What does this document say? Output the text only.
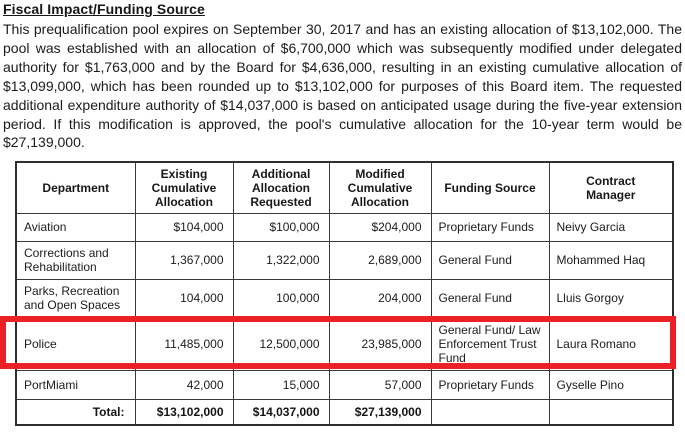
Fiscal Impact/Funding Source

This prequalification pool expires on September 30, 2017 and has an existing allocation of $13,102,000. The pool was established with an allocation of $6,700,000 which was subsequently modified under delegated authority for $1,763,000 and by the Board for $4,636,000, resulting in an existing cumulative allocation of $13,099,000, which has been rounded up to $13,102,000 for purposes of this Board item. The requested additional expenditure authority of $14,037,000 is based on anticipated usage during the five-year extension period. If this modification is approved, the pool's cumulative allocation for the 10-year term would be $27,139,000.

Department	Existing Cumulative Allocation	Additional Allocation Requested	Modified Cumulative Allocation	Funding Source	Contract Manager
Aviation	$104,000	$100,000	$204,000	Proprietary Funds	Neivy Garcia
Corrections and Rehabilitation	1,367,000	1,322,000	2,689,000	General Fund	Mohammed Haq
Parks, Recreation and Open Spaces	104,000	100,000	204,000	General Fund	Lluis Gorgoy
Police	11,485,000	12,500,000	23,985,000	General Fund/ Law Enforcement Trust Fund	Laura Romano
PortMiami	42,000	15,000	57,000	Proprietary Funds	Gyselle Pino
Total:	$13,102,000	$14,037,000	$27,139,000		
